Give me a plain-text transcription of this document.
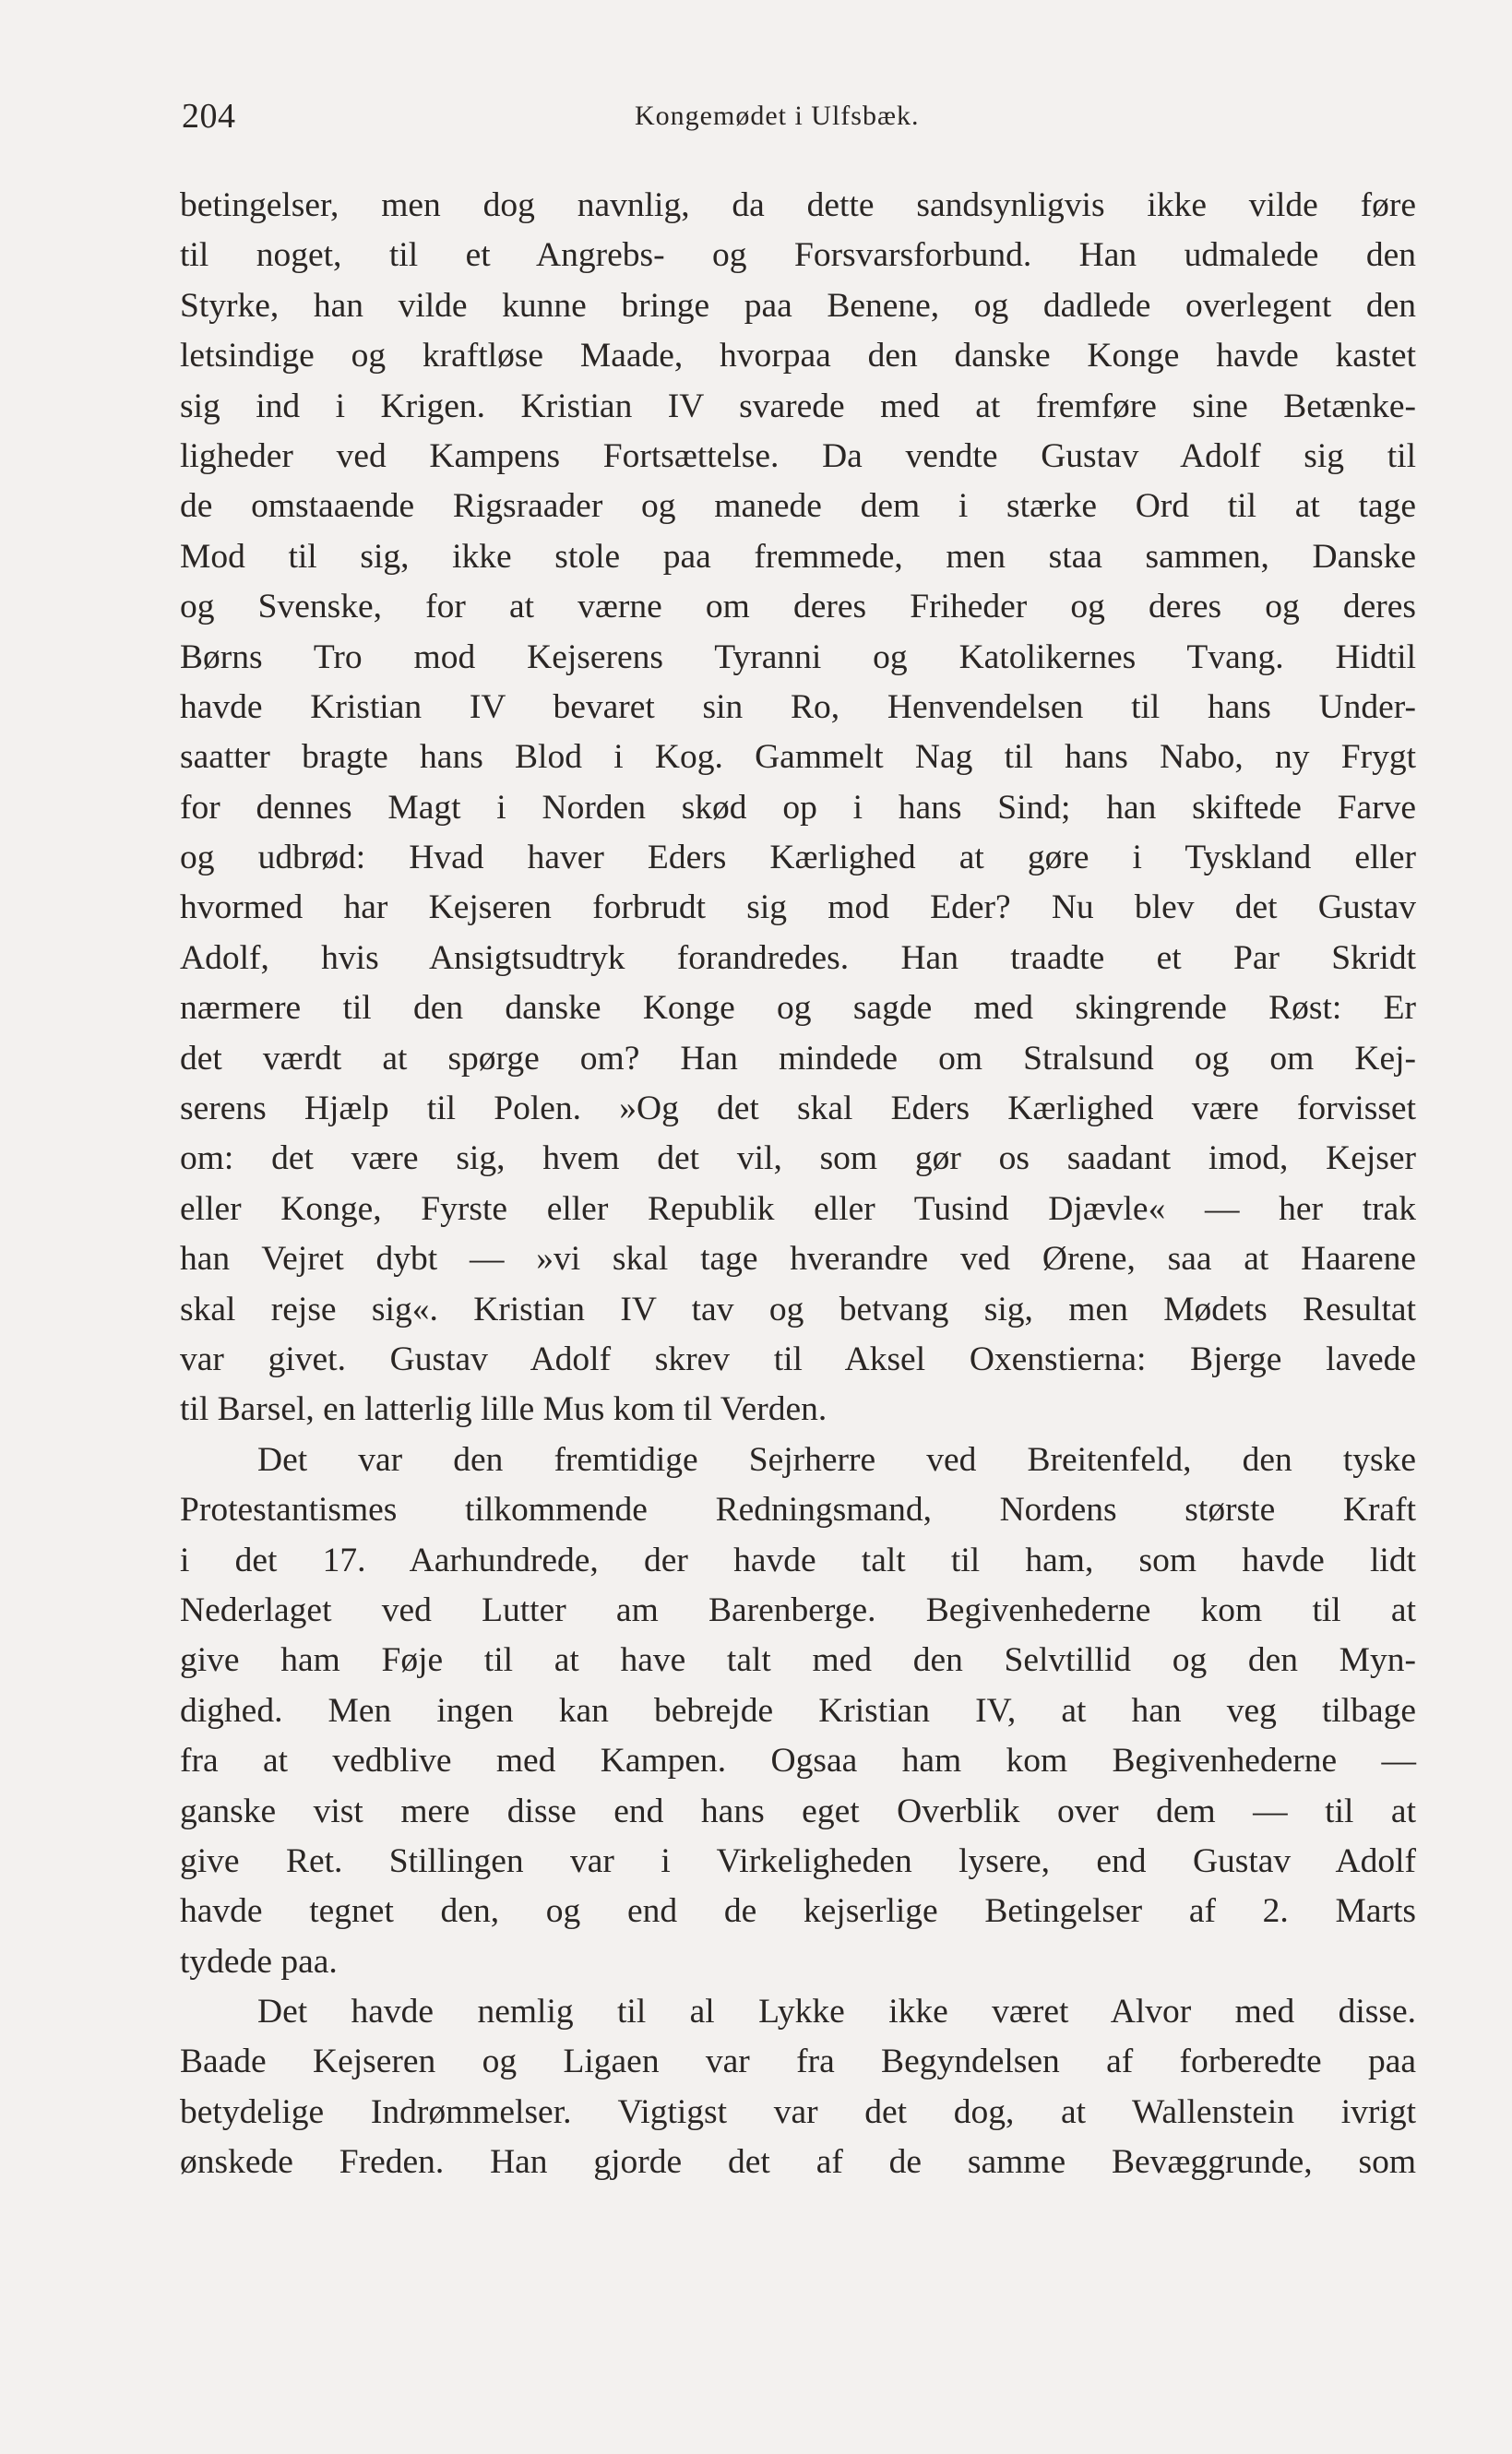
204	Kongemødet i Ulfsbæk.
betingelser, men dog navnlig, da dette sandsynligvis ikke vilde føre
til noget, til et Angrebs- og Forsvarsforbund. Han udmalede den
Styrke, han vilde kunne bringe paa Benene, og dadlede overlegent den
letsindige og kraftløse Maade, hvorpaa den danske Konge havde kastet
sig ind i Krigen. Kristian IV svarede med at fremføre sine Betænke-
ligheder ved Kampens Fortsættelse. Da vendte Gustav Adolf sig til
de omstaaende Rigsraader og manede dem i stærke Ord til at tage
Mod til sig, ikke stole paa fremmede, men staa sammen, Danske
og Svenske, for at værne om deres Friheder og deres og deres
Børns Tro mod Kejserens Tyranni og Katolikernes Tvang. Hidtil
havde Kristian IV bevaret sin Ro, Henvendelsen til hans Under-
saatter bragte hans Blod i Kog. Gammelt Nag til hans Nabo, ny Frygt
for dennes Magt i Norden skød op i hans Sind; han skiftede Farve
og udbrød: Hvad haver Eders Kærlighed at gøre i Tyskland eller
hvormed har Kejseren forbrudt sig mod Eder? Nu blev det Gustav
Adolf, hvis Ansigtsudtryk forandredes. Han traadte et Par Skridt
nærmere til den danske Konge og sagde med skingrende Røst: Er
det værdt at spørge om? Han mindede om Stralsund og om Kej-
serens Hjælp til Polen. »Og det skal Eders Kærlighed være forvisset
om: det være sig, hvem det vil, som gør os saadant imod, Kejser
eller Konge, Fyrste eller Republik eller Tusind Djævle« — her trak
han Vejret dybt — »vi skal tage hverandre ved Ørene, saa at Haarene
skal rejse sig«. Kristian IV tav og betvang sig, men Mødets Resultat
var givet. Gustav Adolf skrev til Aksel Oxenstierna: Bjerge lavede
til Barsel, en latterlig lille Mus kom til Verden.
Det var den fremtidige Sejrherre ved Breitenfeld, den tyske
Protestantismes tilkommende Redningsmand, Nordens største Kraft
i det 17. Aarhundrede, der havde talt til ham, som havde lidt
Nederlaget ved Lutter am Barenberge. Begivenhederne kom til at
give ham Føje til at have talt med den Selvtillid og den Myn-
dighed. Men ingen kan bebrejde Kristian IV, at han veg tilbage
fra at vedblive med Kampen. Ogsaa ham kom Begivenhederne —
ganske vist mere disse end hans eget Overblik over dem — til at
give Ret. Stillingen var i Virkeligheden lysere, end Gustav Adolf
havde tegnet den, og end de kejserlige Betingelser af 2. Marts
tydede paa.
Det havde nemlig til al Lykke ikke været Alvor med disse.
Baade Kejseren og Ligaen var fra Begyndelsen af forberedte paa
betydelige Indrømmelser. Vigtigst var det dog, at Wallenstein ivrigt
ønskede Freden. Han gjorde det af de samme Bevæggrunde, som
